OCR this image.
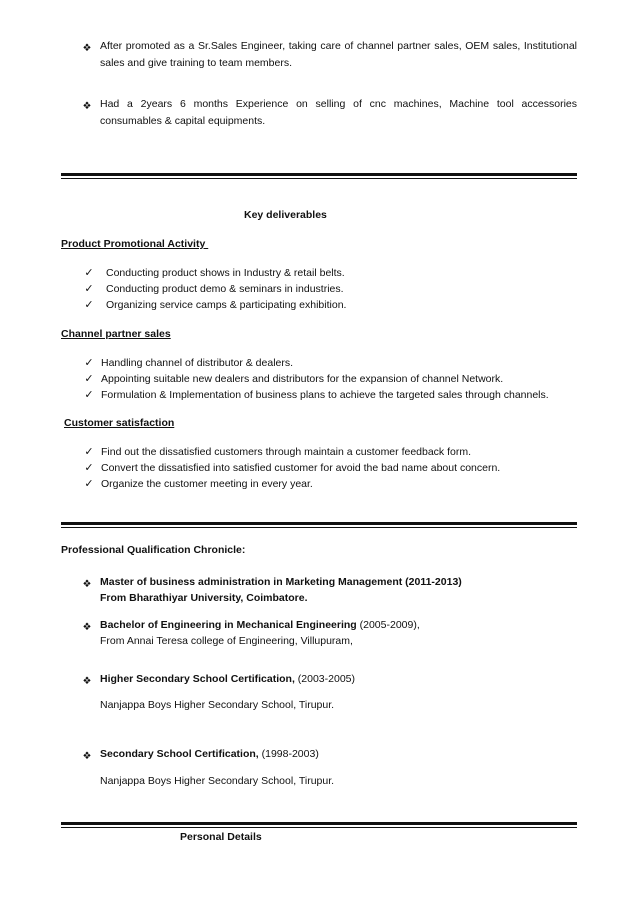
❖ After promoted as a Sr.Sales Engineer, taking care of channel partner sales, OEM sales, Institutional sales and give training to team members.
❖ Had a 2years 6 months Experience on selling of cnc machines, Machine tool accessories consumables & capital equipments.
Key deliverables
Product Promotional Activity
✓ Conducting product shows in Industry & retail belts.
✓ Conducting product demo & seminars in industries.
✓ Organizing service camps & participating exhibition.
Channel partner sales
✓ Handling channel of distributor & dealers.
✓ Appointing suitable new dealers and distributors for the expansion of channel Network.
✓ Formulation & Implementation of business plans to achieve the targeted sales through channels.
Customer satisfaction
✓ Find out the dissatisfied customers through maintain a customer feedback form.
✓ Convert the dissatisfied into satisfied customer for avoid the bad name about concern.
✓ Organize the customer meeting in every year.
Professional Qualification Chronicle:
❖ Master of business administration in Marketing Management (2011-2013)
From Bharathiyar University, Coimbatore.
❖ Bachelor of Engineering in Mechanical Engineering (2005-2009),
From Annai Teresa college of Engineering, Villupuram,
❖ Higher Secondary School Certification, (2003-2005)
Nanjappa Boys Higher Secondary School, Tirupur.
❖ Secondary School Certification, (1998-2003)
Nanjappa Boys Higher Secondary School, Tirupur.
Personal Details
